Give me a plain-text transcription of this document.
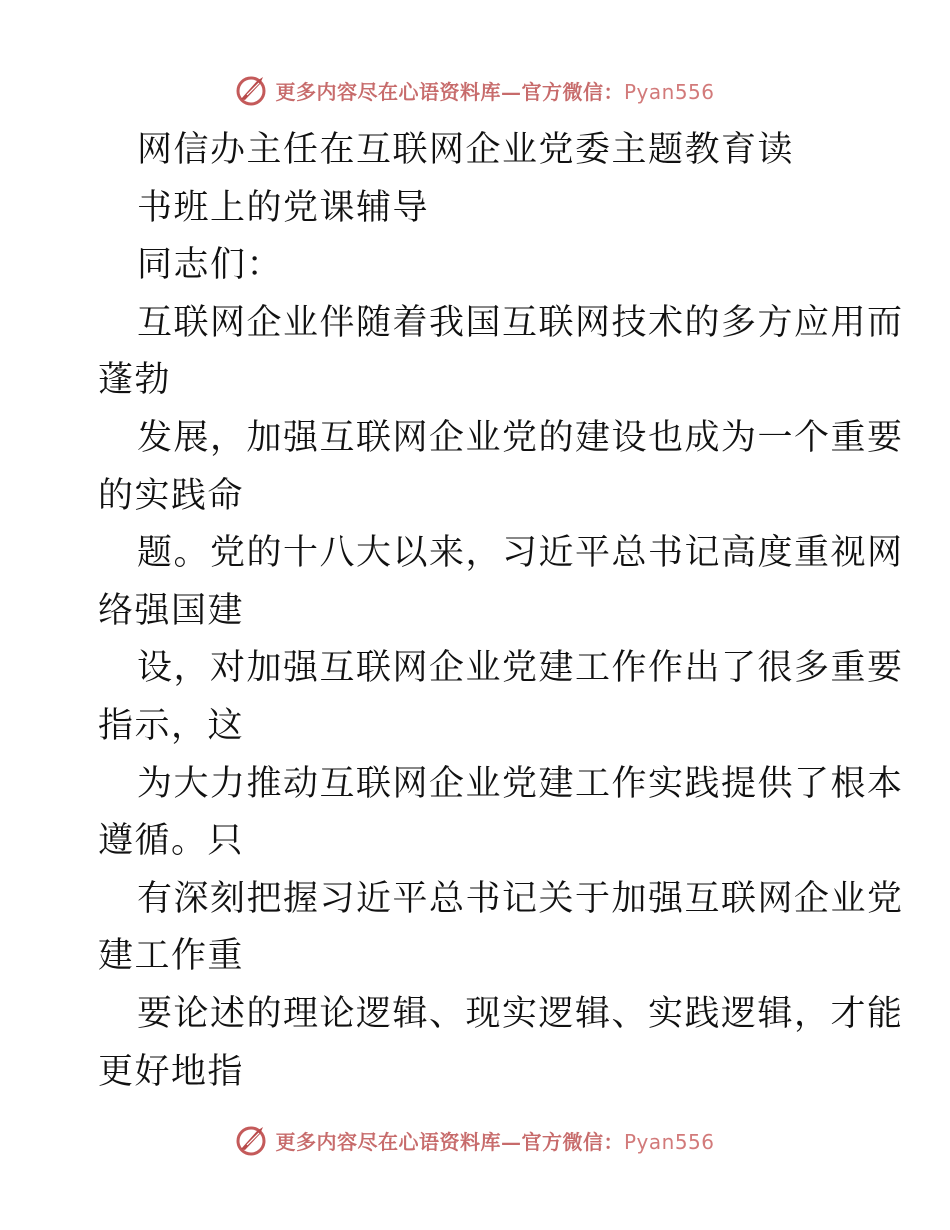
更多内容尽在心语资料库—官方微信：Pyan556
网信办主任在互联网企业党委主题教育读
书班上的党课辅导
同志们：
互联网企业伴随着我国互联网技术的多方应用而
蓬勃
发展，加强互联网企业党的建设也成为一个重要
的实践命
题。党的十八大以来，习近平总书记高度重视网
络强国建
设，对加强互联网企业党建工作作出了很多重要
指示，这
为大力推动互联网企业党建工作实践提供了根本
遵循。只
有深刻把握习近平总书记关于加强互联网企业党
建工作重
要论述的理论逻辑、现实逻辑、实践逻辑，才能
更好地指
更多内容尽在心语资料库—官方微信：Pyan556
